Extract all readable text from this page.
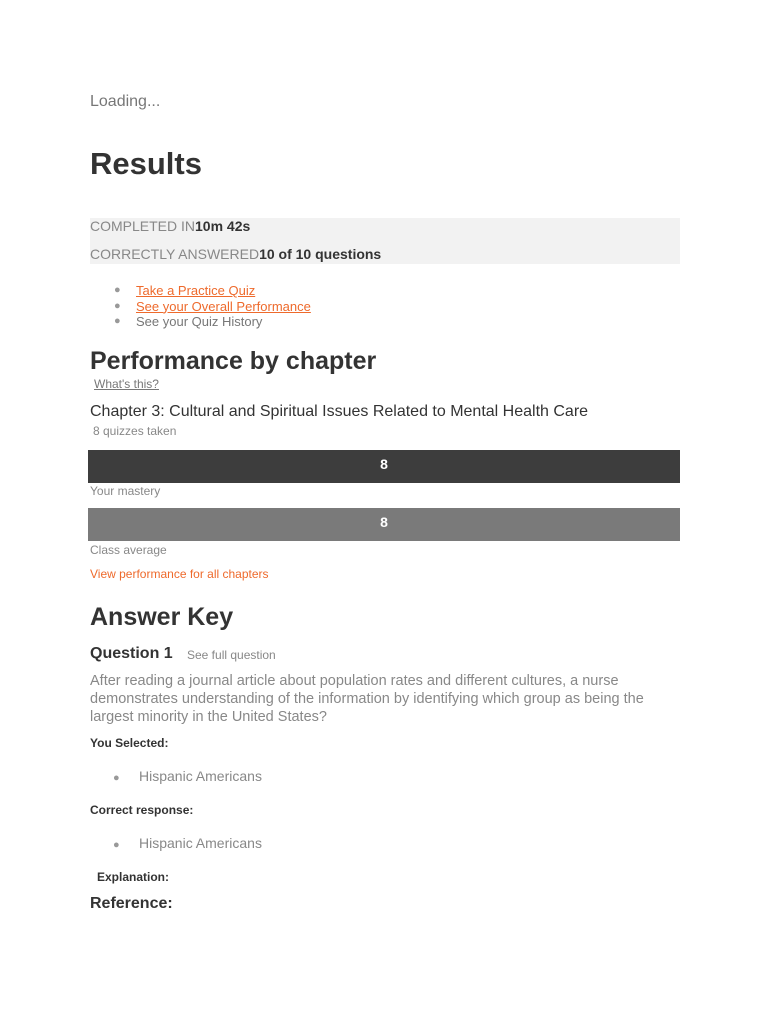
Loading...
Results
COMPLETED IN10m 42s
CORRECTLY ANSWERED10 of 10 questions
● Take a Practice Quiz
● See your Overall Performance
● See your Quiz History
Performance by chapter
What's this?
Chapter 3: Cultural and Spiritual Issues Related to Mental Health Care
8 quizzes taken
8
Your mastery
8
Class average
View performance for all chapters
Answer Key
Question 1 See full question
After reading a journal article about population rates and different cultures, a nurse demonstrates understanding of the information by identifying which group as being the largest minority in the United States?
You Selected:
● Hispanic Americans
Correct response:
● Hispanic Americans
Explanation:
Reference:
